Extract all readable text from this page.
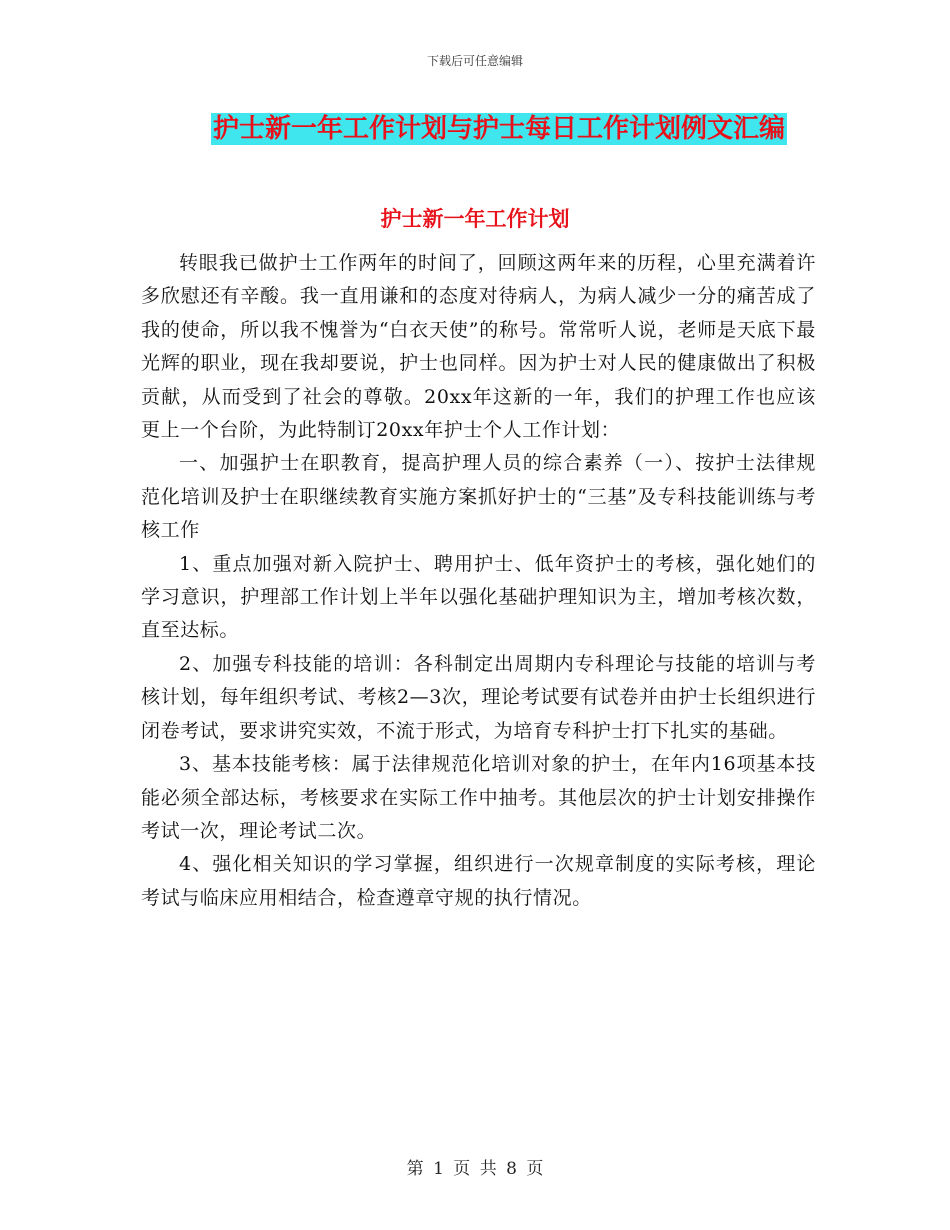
下载后可任意编辑
护士新一年工作计划与护士每日工作计划例文汇编
护士新一年工作计划

转眼我已做护士工作两年的时间了，回顾这两年来的历程，心里充满着许多欣慰还有辛酸。我一直用谦和的态度对待病人，为病人减少一分的痛苦成了我的使命，所以我不愧誉为“白衣天使”的称号。常常听人说，老师是天底下最光辉的职业，现在我却要说，护士也同样。因为护士对人民的健康做出了积极贡献，从而受到了社会的尊敬。20xx年这新的一年，我们的护理工作也应该更上一个台阶，为此特制订20xx年护士个人工作计划：

一、加强护士在职教育，提高护理人员的综合素养（一）、按护士法律规范化培训及护士在职继续教育实施方案抓好护士的“三基”及专科技能训练与考核工作

1、重点加强对新入院护士、聘用护士、低年资护士的考核，强化她们的学习意识，护理部工作计划上半年以强化基础护理知识为主，增加考核次数，直至达标。

2、加强专科技能的培训：各科制定出周期内专科理论与技能的培训与考核计划，每年组织考试、考核2—3次，理论考试要有试卷并由护士长组织进行闭卷考试，要求讲究实效，不流于形式，为培育专科护士打下扎实的基础。

3、基本技能考核：属于法律规范化培训对象的护士，在年内16项基本技能必须全部达标，考核要求在实际工作中抽考。其他层次的护士计划安排操作考试一次，理论考试二次。

4、强化相关知识的学习掌握，组织进行一次规章制度的实际考核，理论考试与临床应用相结合，检查遵章守规的执行情况。

第 1 页 共 8 页
